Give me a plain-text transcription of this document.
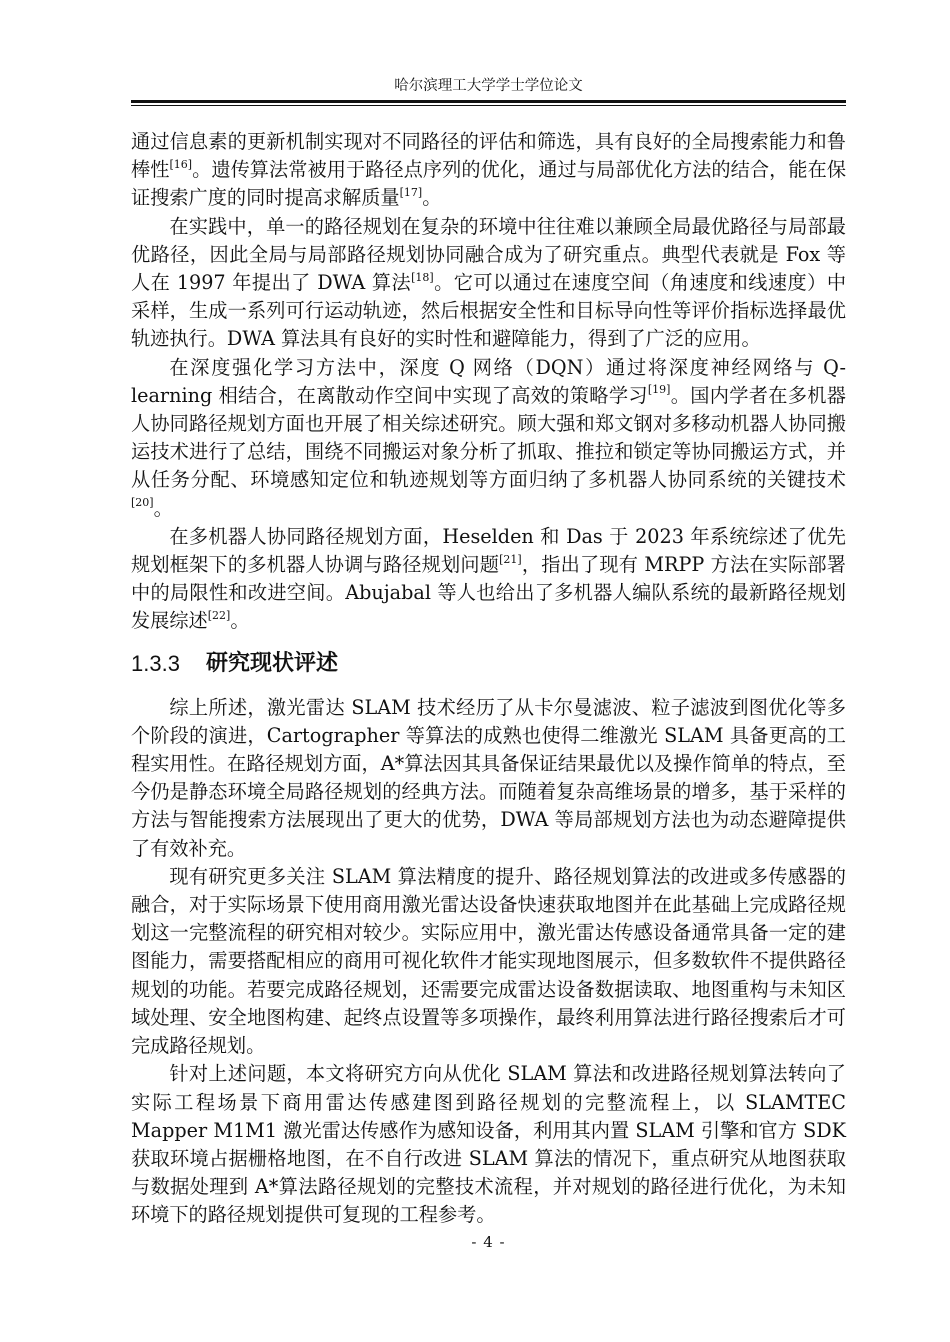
哈尔滨理工大学学士学位论文

通过信息素的更新机制实现对不同路径的评估和筛选，具有良好的全局搜索能力和鲁棒性[16]。遗传算法常被用于路径点序列的优化，通过与局部优化方法的结合，能在保证搜索广度的同时提高求解质量[17]。

在实践中，单一的路径规划在复杂的环境中往往难以兼顾全局最优路径与局部最优路径，因此全局与局部路径规划协同融合成为了研究重点。典型代表就是 Fox 等人在 1997 年提出了 DWA 算法[18]。它可以通过在速度空间（角速度和线速度）中采样，生成一系列可行运动轨迹，然后根据安全性和目标导向性等评价指标选择最优轨迹执行。DWA 算法具有良好的实时性和避障能力，得到了广泛的应用。

在深度强化学习方法中，深度 Q 网络（DQN）通过将深度神经网络与 Q-learning 相结合，在离散动作空间中实现了高效的策略学习[19]。国内学者在多机器人协同路径规划方面也开展了相关综述研究。顾大强和郑文钢对多移动机器人协同搬运技术进行了总结，围绕不同搬运对象分析了抓取、推拉和锁定等协同搬运方式，并从任务分配、环境感知定位和轨迹规划等方面归纳了多机器人协同系统的关键技术[20]。

在多机器人协同路径规划方面，Heselden 和 Das 于 2023 年系统综述了优先规划框架下的多机器人协调与路径规划问题[21]，指出了现有 MRPP 方法在实际部署中的局限性和改进空间。Abujabal 等人也给出了多机器人编队系统的最新路径规划发展综述[22]。

1.3.3 研究现状评述

综上所述，激光雷达 SLAM 技术经历了从卡尔曼滤波、粒子滤波到图优化等多个阶段的演进，Cartographer 等算法的成熟也使得二维激光 SLAM 具备更高的工程实用性。在路径规划方面，A*算法因其具备保证结果最优以及操作简单的特点，至今仍是静态环境全局路径规划的经典方法。而随着复杂高维场景的增多，基于采样的方法与智能搜索方法展现出了更大的优势，DWA 等局部规划方法也为动态避障提供了有效补充。

现有研究更多关注 SLAM 算法精度的提升、路径规划算法的改进或多传感器的融合，对于实际场景下使用商用激光雷达设备快速获取地图并在此基础上完成路径规划这一完整流程的研究相对较少。实际应用中，激光雷达传感设备通常具备一定的建图能力，需要搭配相应的商用可视化软件才能实现地图展示，但多数软件不提供路径规划的功能。若要完成路径规划，还需要完成雷达设备数据读取、地图重构与未知区域处理、安全地图构建、起终点设置等多项操作，最终利用算法进行路径搜索后才可完成路径规划。

针对上述问题，本文将研究方向从优化 SLAM 算法和改进路径规划算法转向了实际工程场景下商用雷达传感建图到路径规划的完整流程上，以 SLAMTEC Mapper M1M1 激光雷达传感作为感知设备，利用其内置 SLAM 引擎和官方 SDK 获取环境占据栅格地图，在不自行改进 SLAM 算法的情况下，重点研究从地图获取与数据处理到 A*算法路径规划的完整技术流程，并对规划的路径进行优化，为未知环境下的路径规划提供可复现的工程参考。

- 4 -
